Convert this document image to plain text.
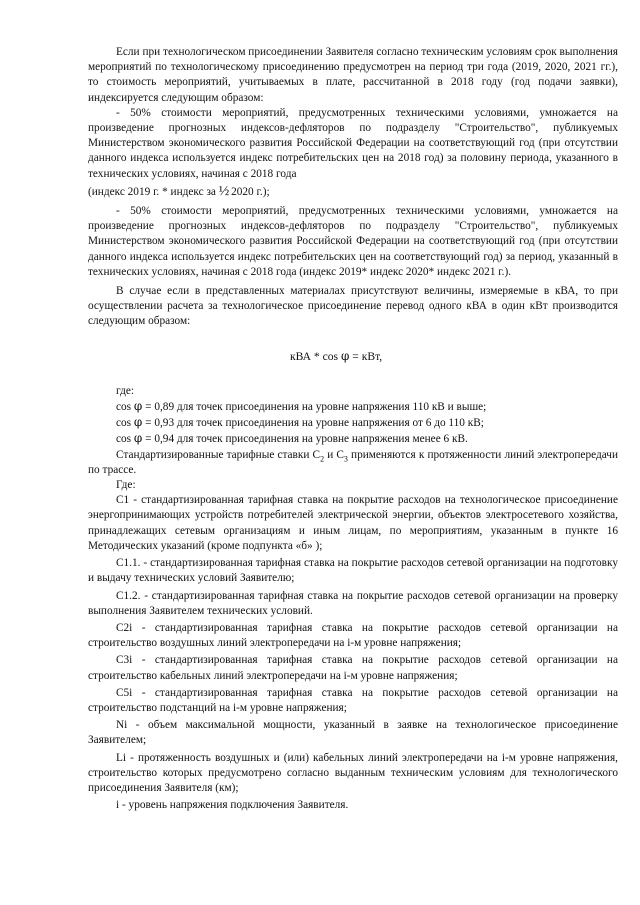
Если при технологическом присоединении Заявителя согласно техническим условиям срок выполнения мероприятий по технологическому присоединению предусмотрен на период три года (2019, 2020, 2021 гг.), то стоимость мероприятий, учитываемых в плате, рассчитанной в 2018 году (год подачи заявки), индексируется следующим образом:

- 50% стоимости мероприятий, предусмотренных техническими условиями, умножается на произведение прогнозных индексов-дефляторов по подразделу "Строительство", публикуемых Министерством экономического развития Российской Федерации на соответствующий год (при отсутствии данного индекса используется индекс потребительских цен на 2018 год) за половину периода, указанного в технических условиях, начиная с 2018 года

(индекс 2019 г. * индекс за ½ 2020 г.);

- 50% стоимости мероприятий, предусмотренных техническими условиями, умножается на произведение прогнозных индексов-дефляторов по подразделу "Строительство", публикуемых Министерством экономического развития Российской Федерации на соответствующий год (при отсутствии данного индекса используется индекс потребительских цен на соответствующий год) за период, указанный в технических условиях, начиная с 2018 года (индекс 2019* индекс 2020* индекс 2021 г.).

В случае если в представленных материалах присутствуют величины, измеряемые в кВА, то при осуществлении расчета за технологическое присоединение перевод одного кВА в один кВт производится следующим образом:

кВА * cos φ = кВт,

где:

cos φ = 0,89 для точек присоединения на уровне напряжения 110 кВ и выше;

cos φ = 0,93 для точек присоединения на уровне напряжения от 6 до 110 кВ;

cos φ = 0,94 для точек присоединения на уровне напряжения менее 6 кВ.

Стандартизированные тарифные ставки $С_2$ и $С_3$ применяются к протяженности линий электропередачи по трассе.

Где:

С1 - стандартизированная тарифная ставка на покрытие расходов на технологическое присоединение энергопринимающих устройств потребителей электрической энергии, объектов электросетевого хозяйства, принадлежащих сетевым организациям и иным лицам, по мероприятиям, указанным в пункте 16 Методических указаний (кроме подпункта «б» );

С1.1. - стандартизированная тарифная ставка на покрытие расходов сетевой организации на подготовку и выдачу технических условий Заявителю;

С1.2. - стандартизированная тарифная ставка на покрытие расходов сетевой организации на проверку выполнения Заявителем технических условий.

С2i - стандартизированная тарифная ставка на покрытие расходов сетевой организации на строительство воздушных линий электропередачи на i-м уровне напряжения;

С3i - стандартизированная тарифная ставка на покрытие расходов сетевой организации на строительство кабельных линий электропередачи на i-м уровне напряжения;

С5i - стандартизированная тарифная ставка на покрытие расходов сетевой организации на строительство подстанций на i-м уровне напряжения;

Ni - объем максимальной мощности, указанный в заявке на технологическое присоединение Заявителем;

Li - протяженность воздушных и (или) кабельных линий электропередачи на i-м уровне напряжения, строительство которых предусмотрено согласно выданным техническим условиям для технологического присоединения Заявителя (км);

i - уровень напряжения подключения Заявителя.
